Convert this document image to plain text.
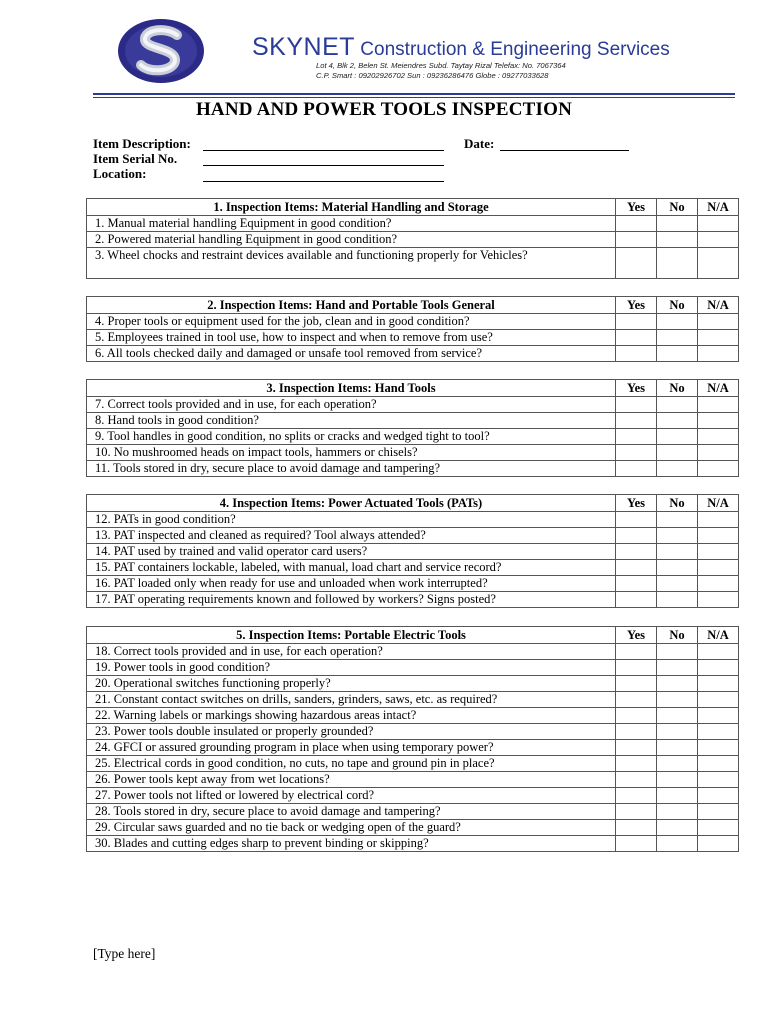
SKYNET Construction & Engineering Services
Lot 4, Blk 2, Belen St. Meiendres Subd. Taytay Rizal Telefax: No. 7067364
C.P. Smart : 09202926702 Sun : 09236286476 Globe : 09277033628
HAND AND POWER TOOLS INSPECTION
Item Description:	Date:
Item Serial No.
Location:
1. Inspection Items: Material Handling and Storage	Yes	No	N/A
1. Manual material handling Equipment in good condition?			
2. Powered material handling Equipment in good condition?			
3. Wheel chocks and restraint devices available and functioning properly for Vehicles?			
2. Inspection Items: Hand and Portable Tools General	Yes	No	N/A
4. Proper tools or equipment used for the job, clean and in good condition?			
5. Employees trained in tool use, how to inspect and when to remove from use?			
6. All tools checked daily and damaged or unsafe tool removed from service?			
3. Inspection Items: Hand Tools	Yes	No	N/A
7. Correct tools provided and in use, for each operation?			
8. Hand tools in good condition?			
9. Tool handles in good condition, no splits or cracks and wedged tight to tool?			
10. No mushroomed heads on impact tools, hammers or chisels?			
11. Tools stored in dry, secure place to avoid damage and tampering?			
4. Inspection Items: Power Actuated Tools (PATs)	Yes	No	N/A
12. PATs in good condition?			
13. PAT inspected and cleaned as required? Tool always attended?			
14. PAT used by trained and valid operator card users?			
15. PAT containers lockable, labeled, with manual, load chart and service record?			
16. PAT loaded only when ready for use and unloaded when work interrupted?			
17. PAT operating requirements known and followed by workers? Signs posted?			
5. Inspection Items: Portable Electric Tools	Yes	No	N/A
18. Correct tools provided and in use, for each operation?			
19. Power tools in good condition?			
20. Operational switches functioning properly?			
21. Constant contact switches on drills, sanders, grinders, saws, etc. as required?			
22. Warning labels or markings showing hazardous areas intact?			
23. Power tools double insulated or properly grounded?			
24. GFCI or assured grounding program in place when using temporary power?			
25. Electrical cords in good condition, no cuts, no tape and ground pin in place?			
26. Power tools kept away from wet locations?			
27. Power tools not lifted or lowered by electrical cord?			
28. Tools stored in dry, secure place to avoid damage and tampering?			
29. Circular saws guarded and no tie back or wedging open of the guard?			
30. Blades and cutting edges sharp to prevent binding or skipping?			
[Type here]
